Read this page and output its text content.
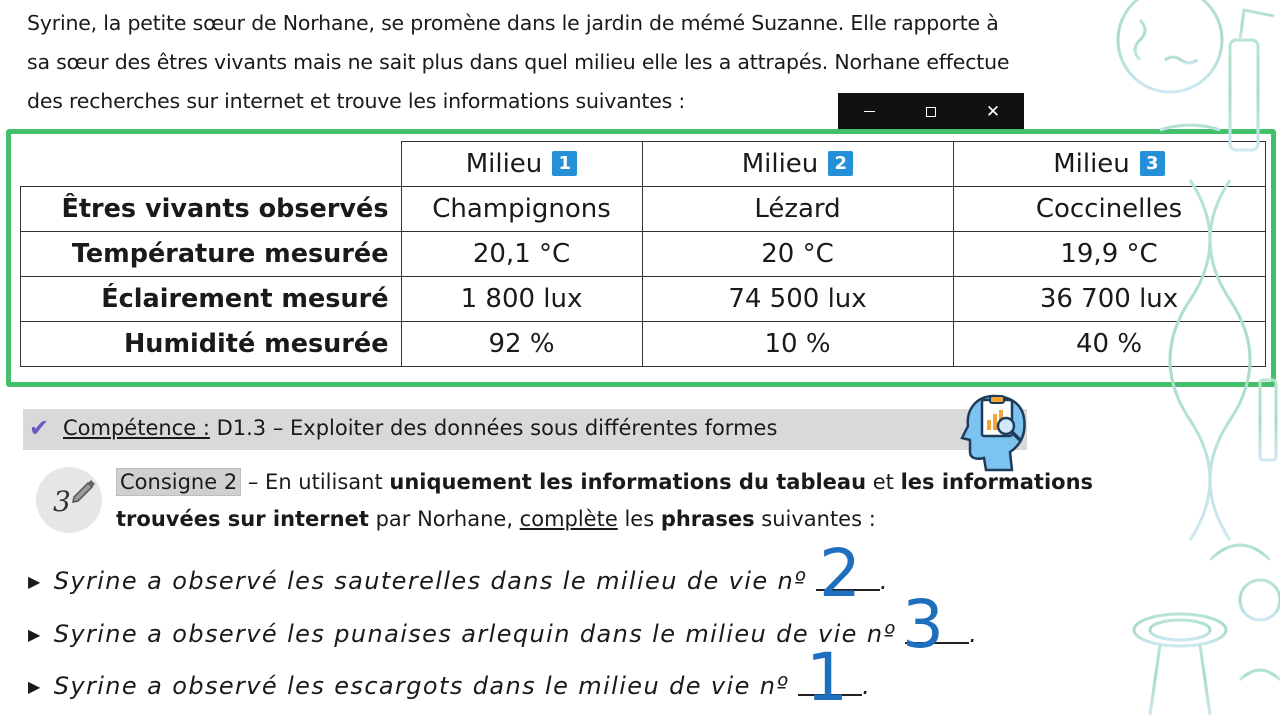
Syrine, la petite sœur de Norhane, se promène dans le jardin de mémé Suzanne. Elle rapporte à
sa sœur des êtres vivants mais ne sait plus dans quel milieu elle les a attrapés. Norhane effectue
des recherches sur internet et trouve les informations suivantes :	✕
	Milieu 1	Milieu 2	Milieu 3
Êtres vivants observés	Champignons	Lézard	Coccinelles
Température mesurée	20,1 °C	20 °C	19,9 °C
Éclairement mesuré	1 800 lux	74 500 lux	36 700 lux
Humidité mesurée	92 %	10 %	40 %
✔ Compétence : D1.3 – Exploiter des données sous différentes formes
3
Consigne 2 – En utilisant uniquement les informations du tableau et les informations
trouvées sur internet par Norhane, complète les phrases suivantes :
▶ Syrine a observé les sauterelles dans le milieu de vie nº	.
▶ Syrine a observé les punaises arlequin dans le milieu de vie nº	.
▶ Syrine a observé les escargots dans le milieu de vie nº	.
2
3
1
